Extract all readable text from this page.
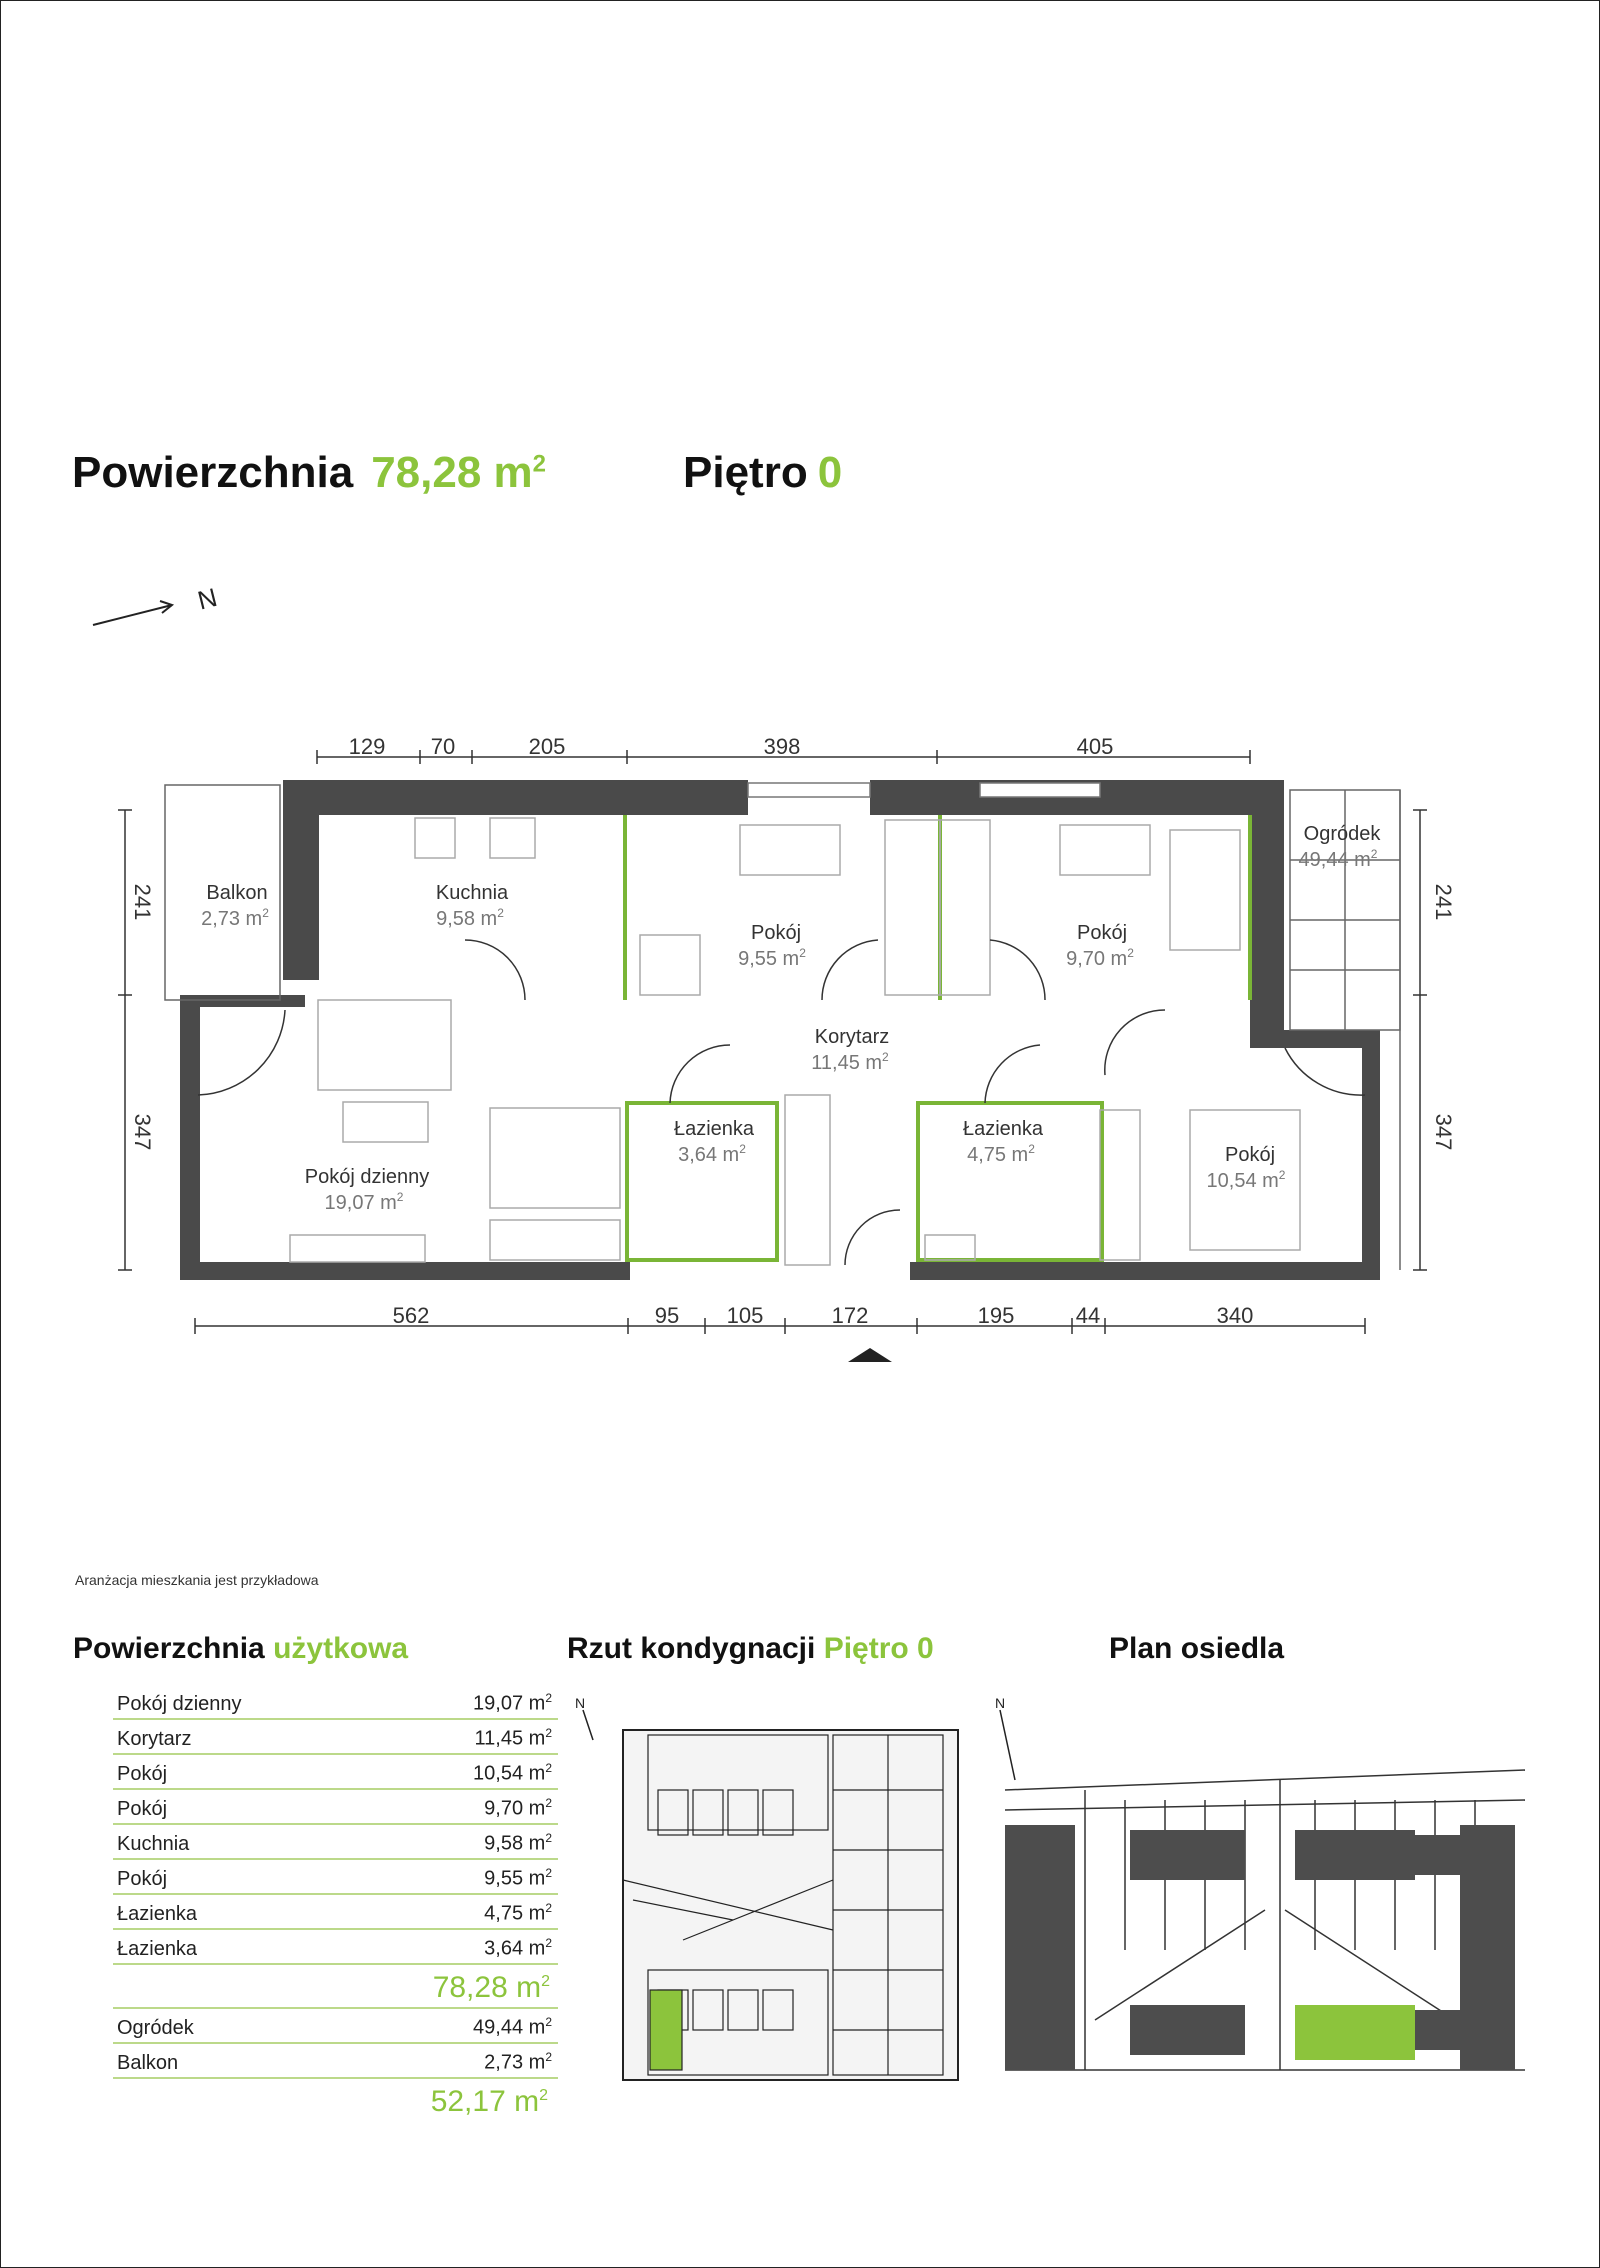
Powierzchnia 78,28 $m^2$	Piętro 0
N
129 70	205	398	405
562	95 105	172	195	44	340
241
347
241
347
Balkon
2,73 $m^2$
Kuchnia
9,58 $m^2$
Pokój
9,55 $m^2$
Pokój
9,70 $m^2$
Ogródek
49,44 $m^2$
Korytarz
11,45 $m^2$
Pokój dzienny
19,07 $m^2$
Łazienka
3,64 $m^2$
Łazienka
4,75 $m^2$	Pokój
10,54 $m^2$
Aranżacja mieszkania jest przykładowa
Powierzchnia użytkowa	Rzut kondygnacji Piętro 0	Plan osiedla
Pokój dzienny	19,07 $m^2$
Korytarz	11,45 $m^2$
Pokój	10,54 $m^2$
Pokój	9,70 $m^2$
Kuchnia	9,58 $m^2$
Pokój	9,55 $m^2$
Łazienka	4,75 $m^2$
Łazienka	3,64 $m^2$
78,28 $m^2$
Ogródek	49,44 $m^2$
Balkon	2,73 $m^2$
52,17 $m^2$
N	N
